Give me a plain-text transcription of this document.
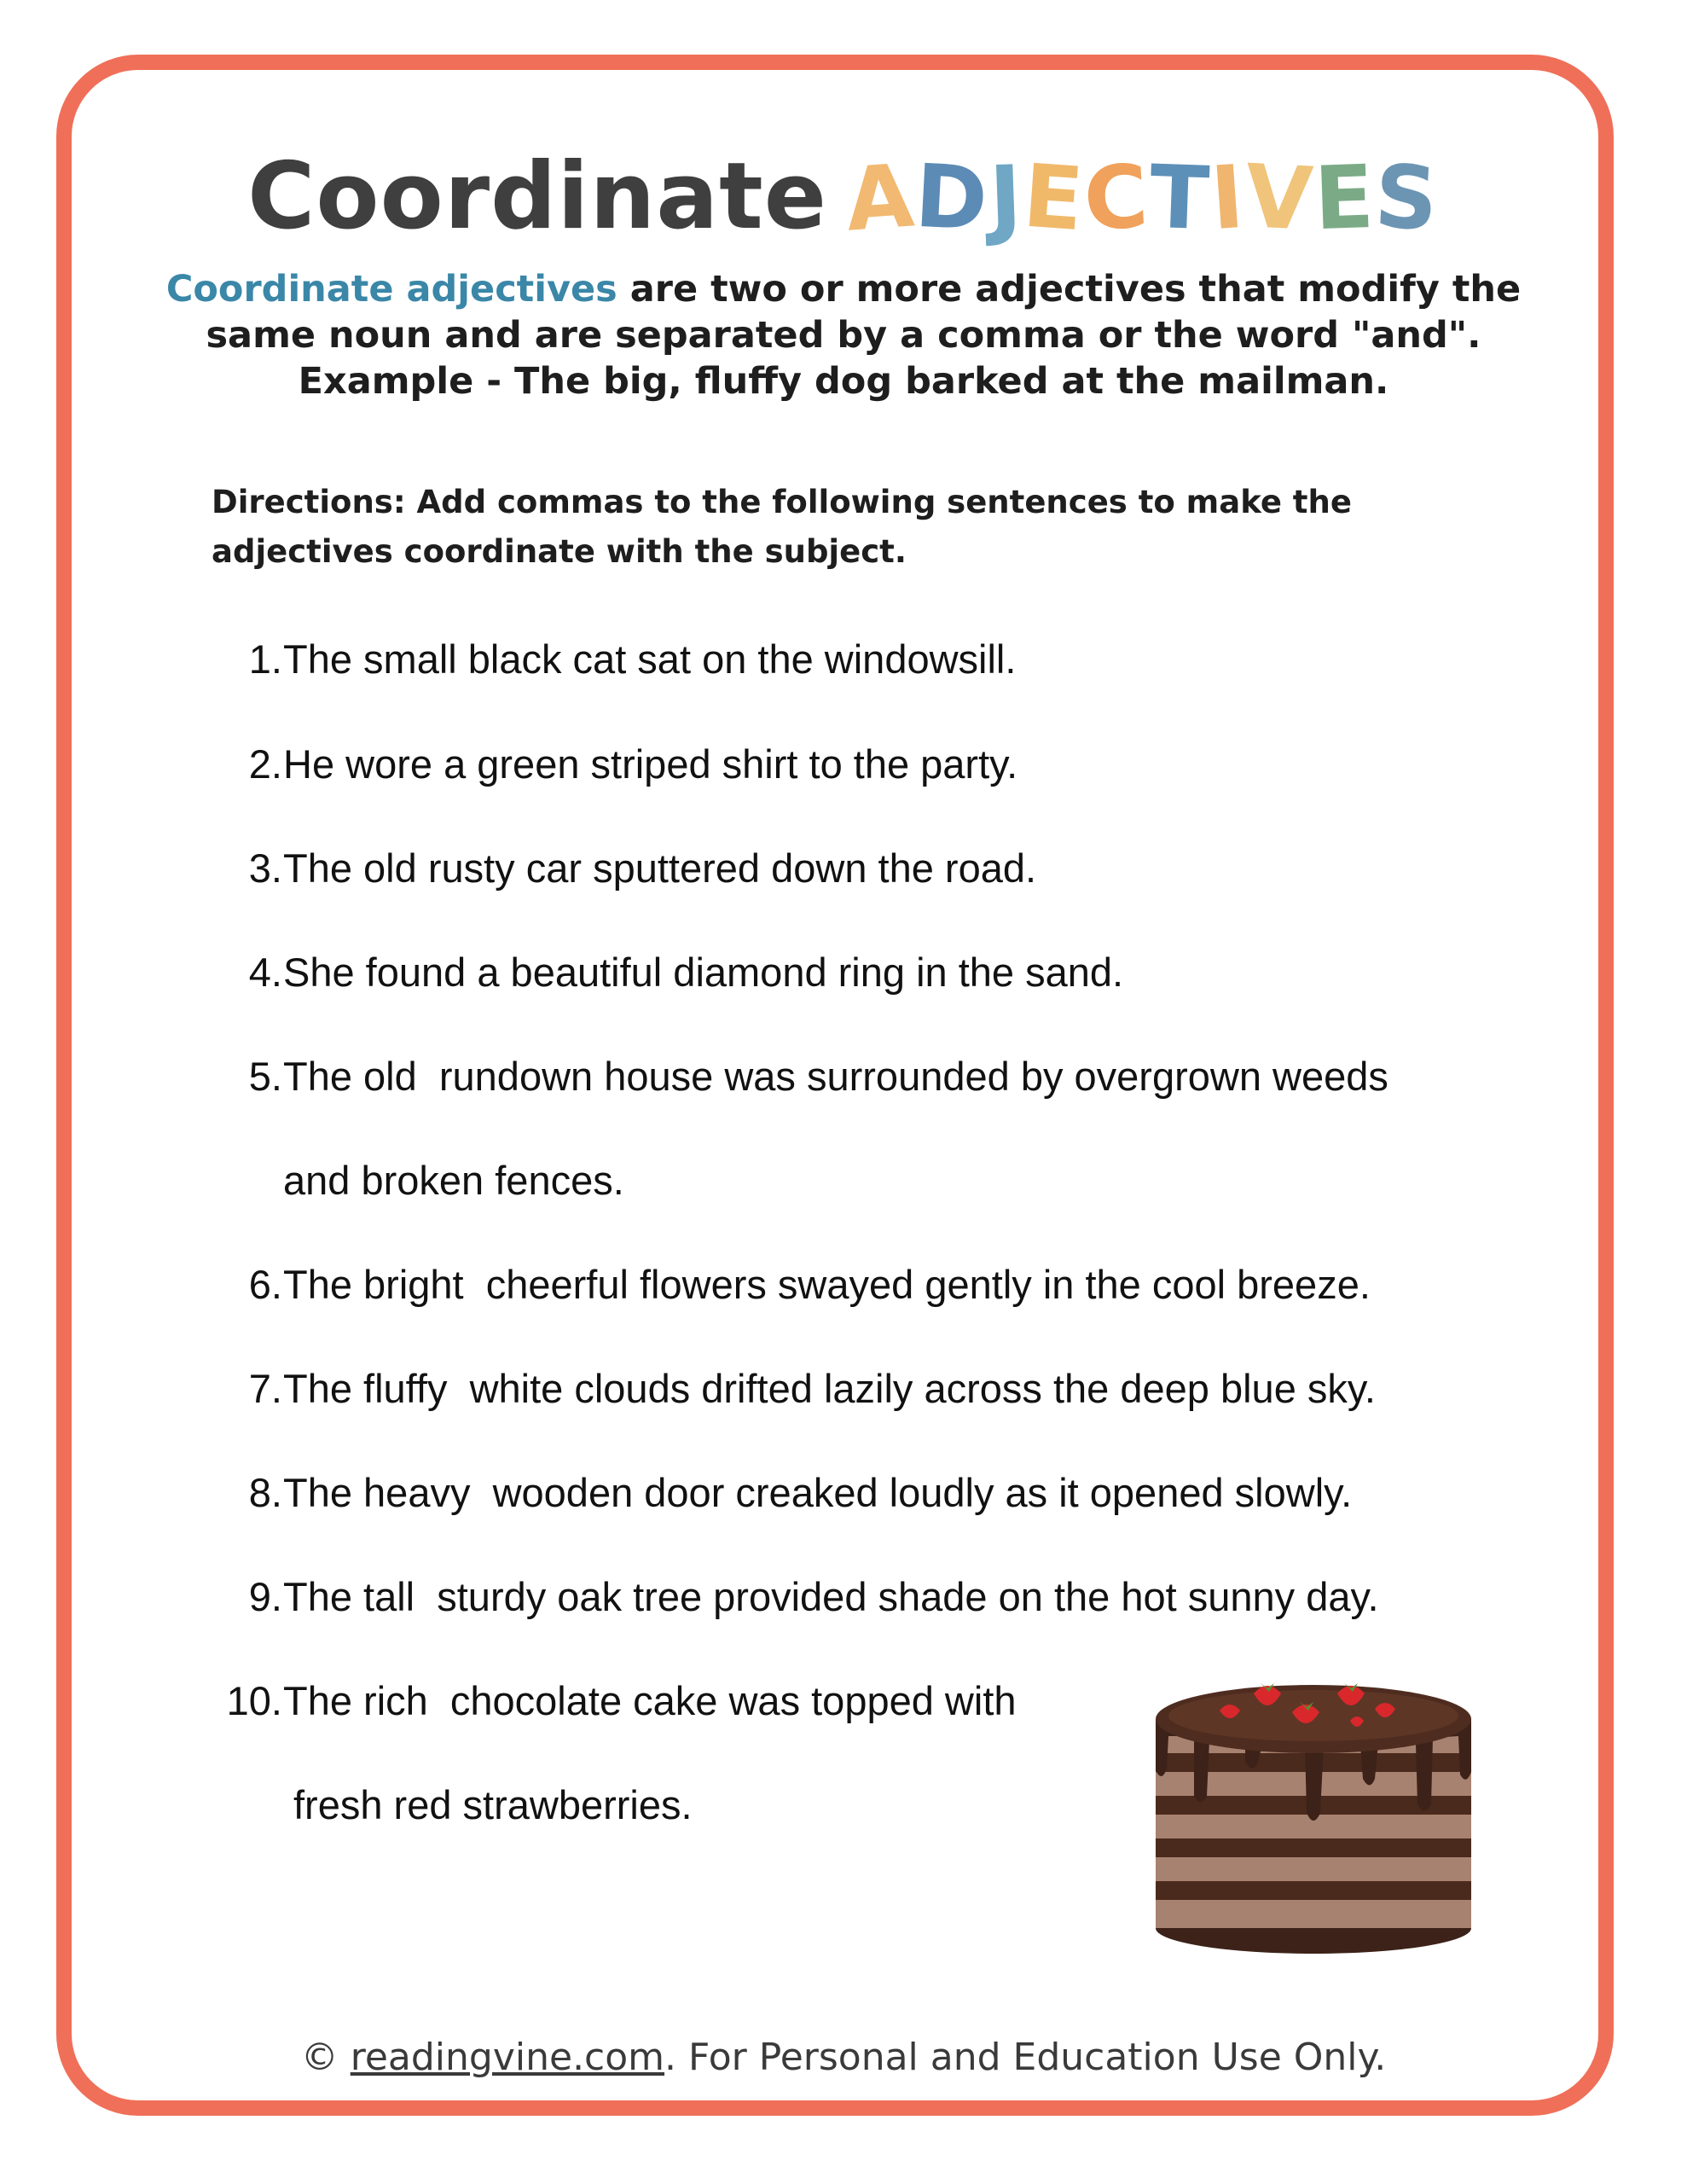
Coordinate ADJECTIVES
Coordinate adjectives are two or more adjectives that modify the
same noun and are separated by a comma or the word "and".
Example - The big, fluffy dog barked at the mailman.
Directions: Add commas to the following sentences to make the adjectives coordinate with the subject.
1. The small black cat sat on the windowsill.
2. He wore a green striped shirt to the party.
3. The old rusty car sputtered down the road.
4. She found a beautiful diamond ring in the sand.
5. The old  rundown house was surrounded by overgrown weeds
and broken fences.
6. The bright  cheerful flowers swayed gently in the cool breeze.
7. The fluffy  white clouds drifted lazily across the deep blue sky.
8. The heavy  wooden door creaked loudly as it opened slowly.
9. The tall  sturdy oak tree provided shade on the hot sunny day.
10. The rich  chocolate cake was topped with
fresh red strawberries.
© readingvine.com. For Personal and Education Use Only.
